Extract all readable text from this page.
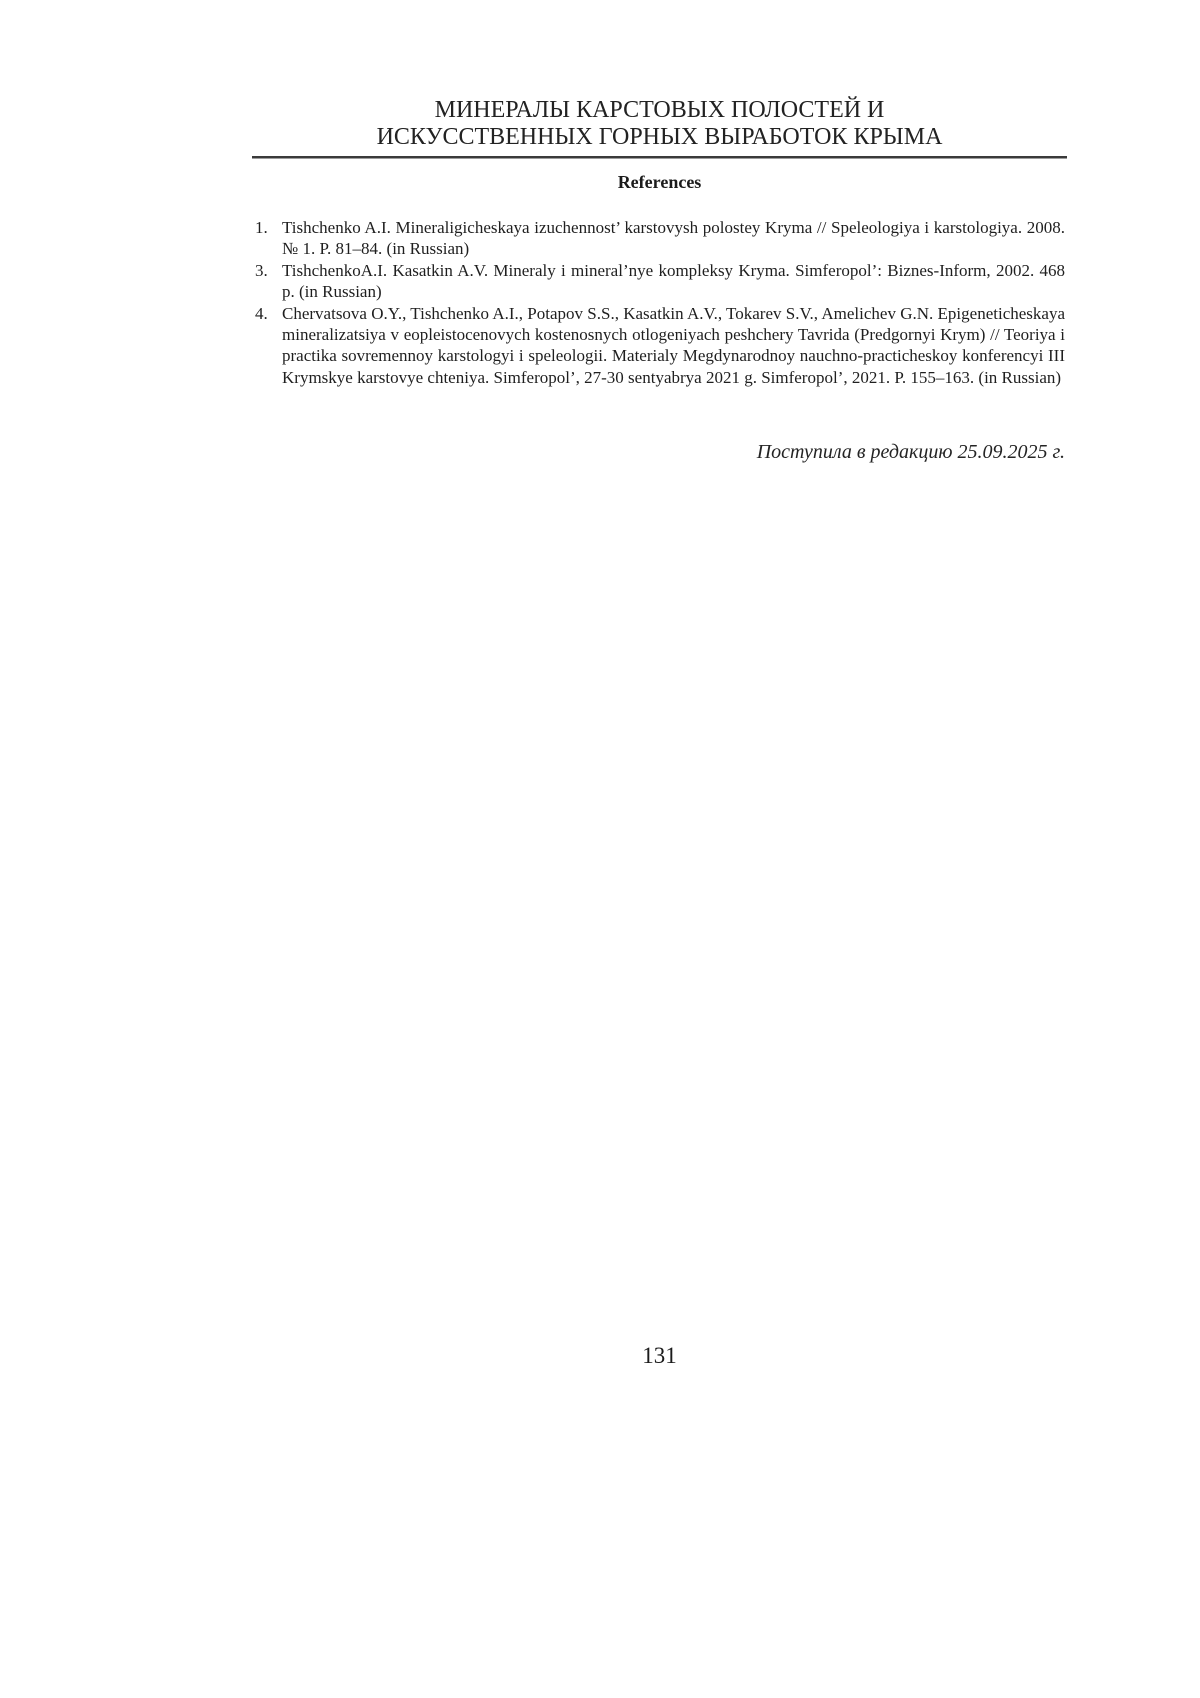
МИНЕРАЛЫ КАРСТОВЫХ ПОЛОСТЕЙ И
ИСКУССТВЕННЫХ ГОРНЫХ ВЫРАБОТОК КРЫМА
References
1. Tishchenko A.I. Mineraligicheskaya izuchennost’ karstovysh polostey Kryma // Speleologiya i karstologiya. 2008. № 1. P. 81–84. (in Russian)
3. TishchenkoA.I. Kasatkin A.V. Mineraly i mineral’nye kompleksy Kryma. Simferopol’: Biznes-Inform, 2002. 468 p. (in Russian)
4. Chervatsova O.Y., Tishchenko A.I., Potapov S.S., Kasatkin A.V., Tokarev S.V., Amelichev G.N. Epigeneticheskaya mineralizatsiya v eopleistocenovych kostenosnych otlogeniyach peshchery Tavrida (Predgornyi Krym) // Teoriya i practika sovremennoy karstologyi i speleologii. Materialy Megdynarodnoy nauchno-practicheskoy konferencyi III Krymskye karstovye chteniya. Simferopol’, 27-30 sentyabrya 2021 g. Simferopol’, 2021. P. 155–163. (in Russian)
Поступила в редакцию 25.09.2025 г.
131
